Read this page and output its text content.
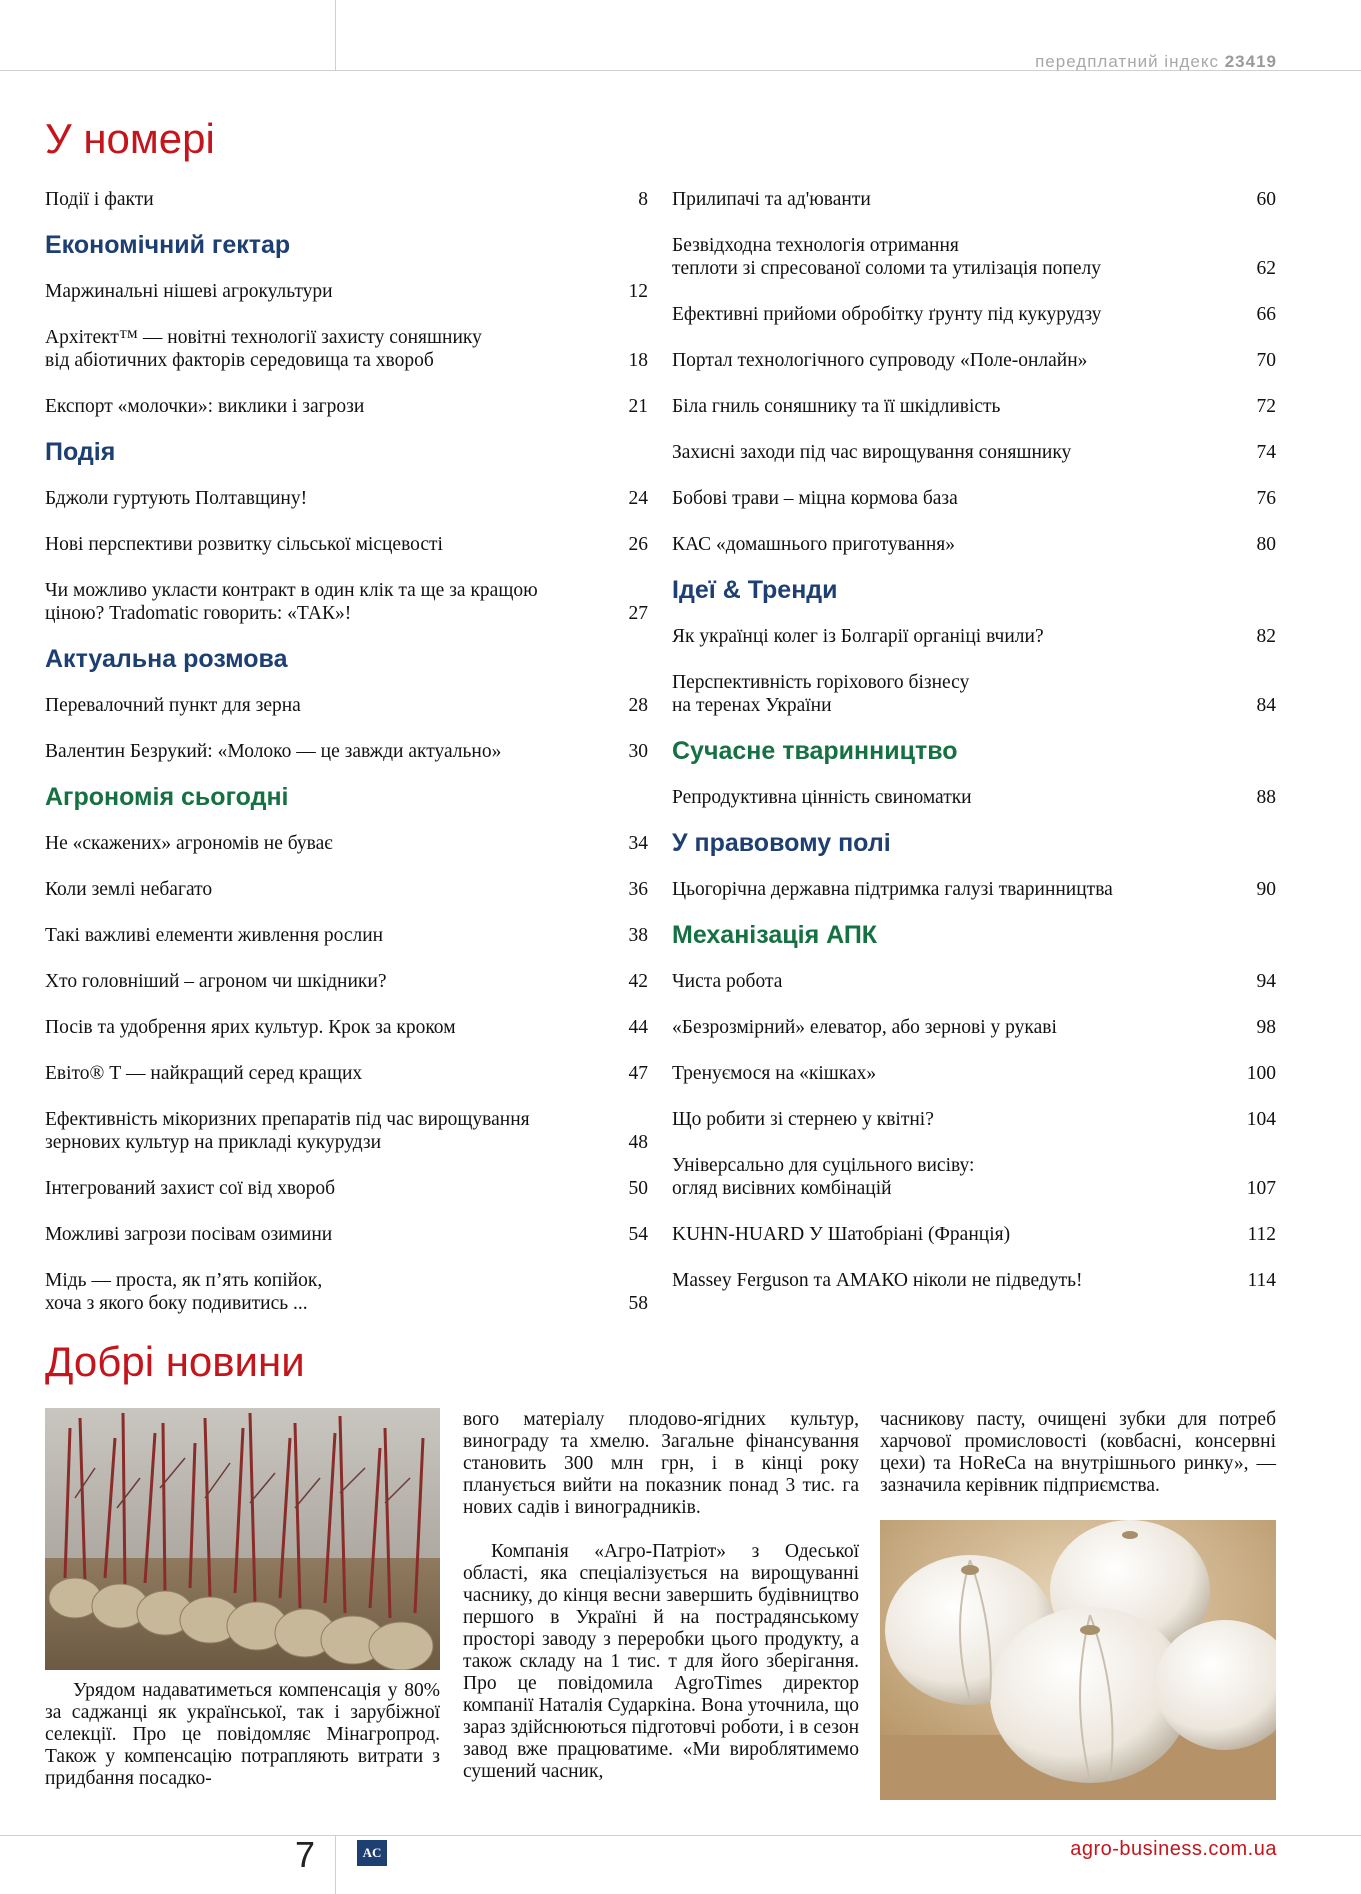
передплатний індекс 23419
У номері
Події і факти	8
Економічний гектар
Маржинальні нішеві агрокультури	12
Архітект™ — новітні технології захисту соняшнику
від абіотичних факторів середовища та хвороб	18
Експорт «молочки»: виклики і загрози	21
Подія
Бджоли гуртують Полтавщину!	24
Нові перспективи розвитку сільської місцевості	26
Чи можливо укласти контракт в один клік та ще за кращою
ціною? Tradomatic говорить: «ТАК»!	27
Актуальна розмова
Перевалочний пункт для зерна	28
Валентин Безрукий: «Молоко — це завжди актуально»	30
Агрономія сьогодні
Не «скажених» агрономів не буває	34
Коли землі небагато	36
Такі важливі елементи живлення рослин	38
Хто головніший – агроном чи шкідники?	42
Посів та удобрення ярих культур. Крок за кроком	44
Евіто® Т — найкращий серед кращих	47
Ефективність мікоризних препаратів під час вирощування
зернових культур на прикладі кукурудзи	48
Інтегрований захист сої від хвороб	50
Можливі загрози посівам озимини	54
Мідь — проста, як п’ять копійок,
хоча з якого боку подивитись ...	58
Прилипачі та ад'юванти	60
Безвідходна технологія отримання
теплоти зі спресованої соломи та утилізація попелу	62
Ефективні прийоми обробітку ґрунту під кукурудзу	66
Портал технологічного супроводу «Поле-онлайн»	70
Біла гниль соняшнику та її шкідливість	72
Захисні заходи під час вирощування соняшнику	74
Бобові трави – міцна кормова база	76
КАС «домашнього приготування»	80
Ідеї & Тренди
Як українці колег із Болгарії органіці вчили?	82
Перспективність горіхового бізнесу
на теренах України	84
Сучасне тваринництво
Репродуктивна цінність свиноматки	88
У правовому полі
Цьогорічна державна підтримка галузі тваринництва	90
Механізація АПК
Чиста робота	94
«Безрозмірний» елеватор, або зернові у рукаві	98
Тренуємося на «кішках»	100
Що робити зі стернею у квітні?	104
Універсально для суцільного висіву:
огляд висівних комбінацій	107
KUHN-HUARD У Шатобріані (Франція)	112
Massey Ferguson та АМАКО ніколи не підведуть!	114
Добрі новини

Урядом надаватиметься компенсація у 80% за саджанці як української, так і зарубіжної селекції. Про це повідомляє Мінагропрод. Також у компенсацію потрапляють витрати з придбання посадко-

вого матеріалу плодово-ягідних культур, винограду та хмелю. Загальне фінансування становить 300 млн грн, і в кінці року планується вийти на показник понад 3 тис. га нових садів і виноградників.

Компанія «Агро-Патріот» з Одеської області, яка спеціалізується на вирощуванні часнику, до кінця весни завершить будівництво першого в Україні й на пострадянському просторі заводу з переробки цього продукту, а також складу на 1 тис. т для його зберігання. Про це повідомила AgroTimes директор компанії Наталія Сударкіна. Вона уточнила, що зараз здійснюються підготовчі роботи, і в сезон завод вже працюватиме. «Ми вироблятимемо сушений часник,

часникову пасту, очищені зубки для потреб харчової промисловості (ковбасні, консервні цехи) та HoReCa на внутрішнього ринку», — зазначила керівник підприємства.

7	AC	agro-business.com.ua
